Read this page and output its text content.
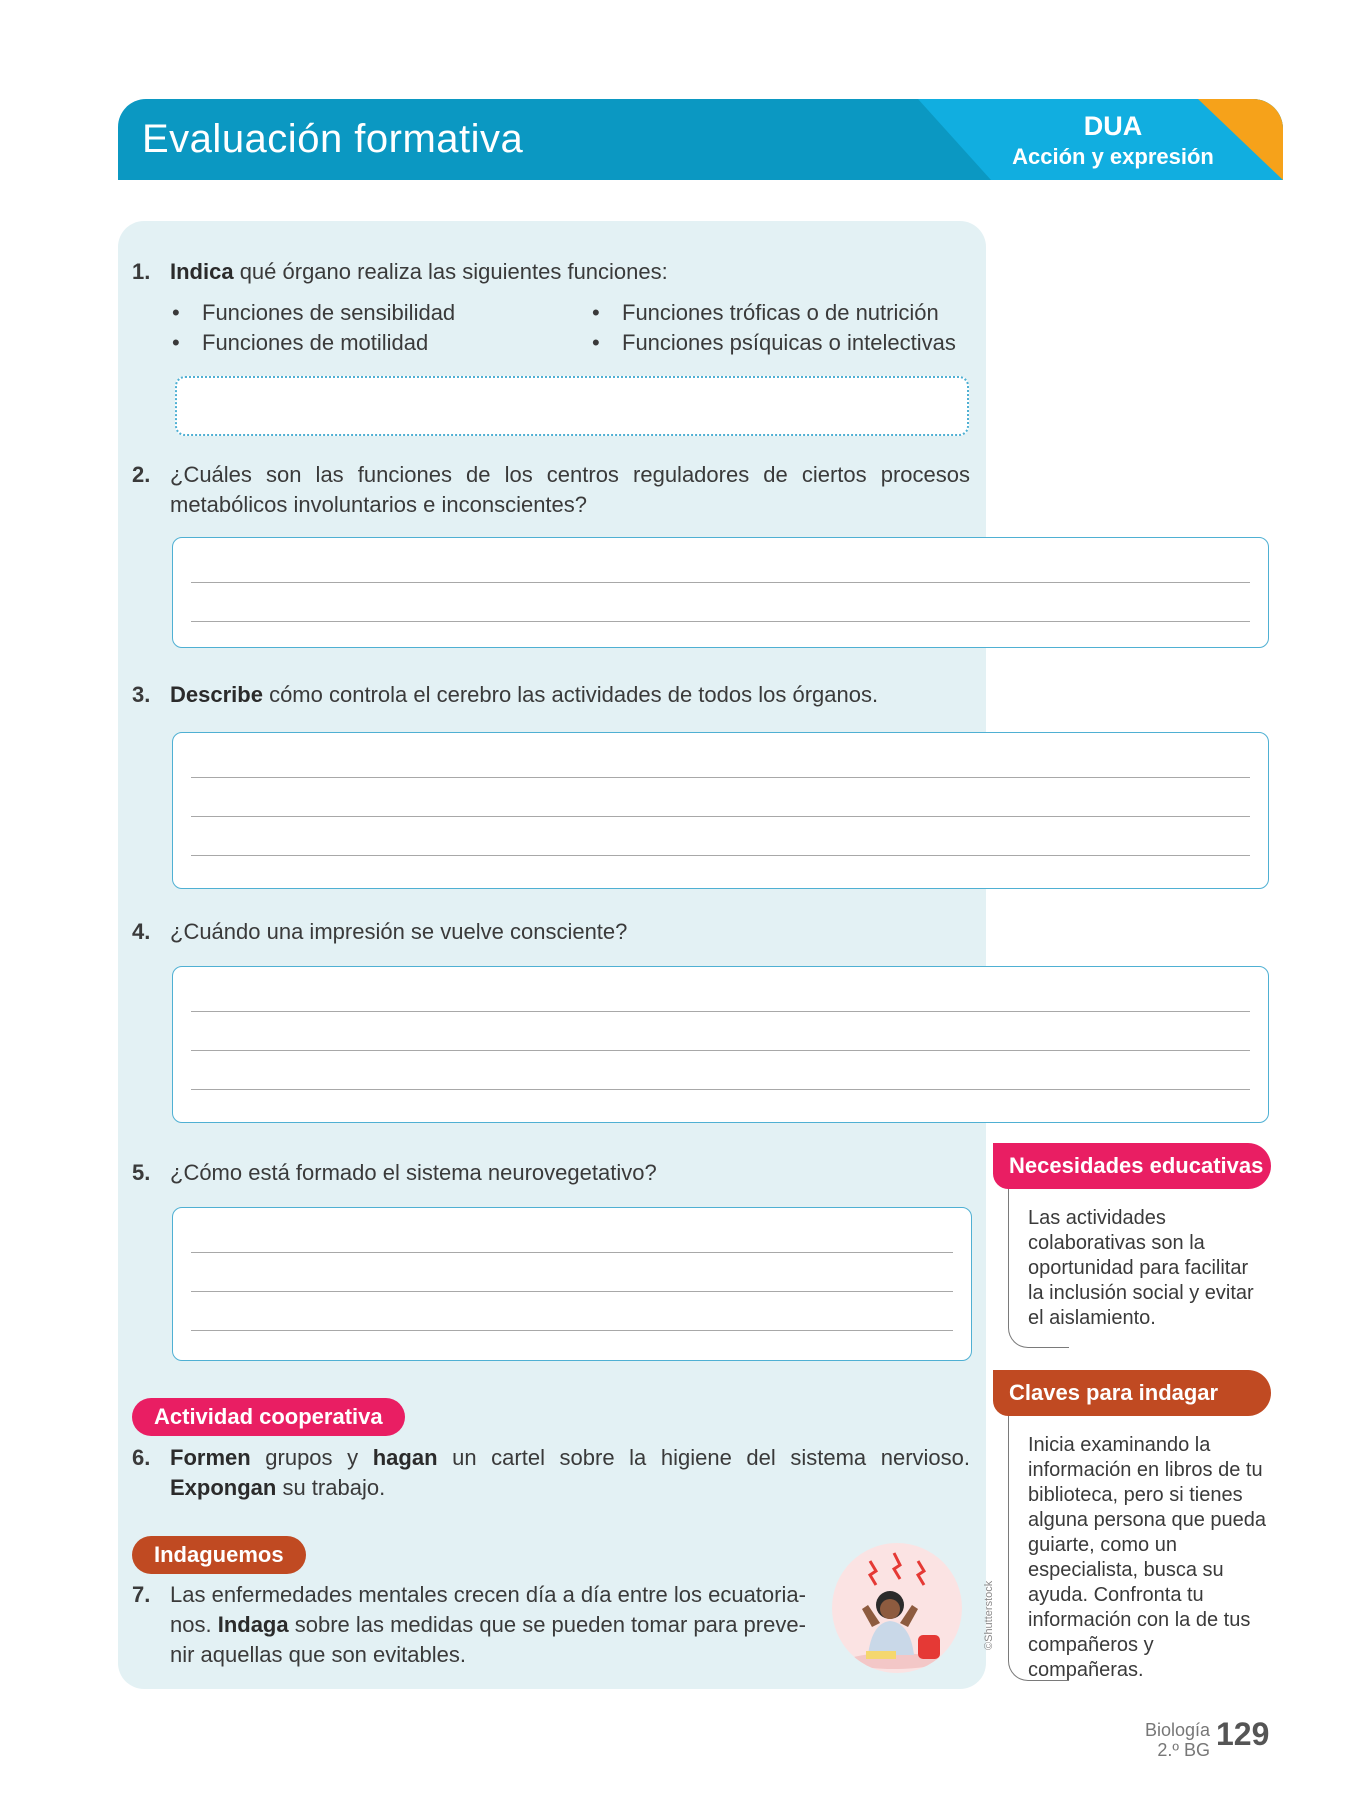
Evaluación formativa	DUA
Acción y expresión
1. Indica qué órgano realiza las siguientes funciones:
• Funciones de sensibilidad
• Funciones de motilidad
• Funciones tróficas o de nutrición
• Funciones psíquicas o intelectivas
2. ¿Cuáles son las funciones de los centros reguladores de ciertos procesos metabólicos involuntarios e inconscientes?
3. Describe cómo controla el cerebro las actividades de todos los órganos.
4. ¿Cuándo una impresión se vuelve consciente?
5. ¿Cómo está formado el sistema neurovegetativo?
Actividad cooperativa
6. Formen grupos y hagan un cartel sobre la higiene del sistema nervioso. Expongan su trabajo.
Indaguemos
7. Las enfermedades mentales crecen día a día entre los ecuatoria-nos. Indaga sobre las medidas que se pueden tomar para preve-nir aquellas que son evitables.
©Shutterstock
Necesidades educativas
Las actividades colaborativas son la oportunidad para facilitar la inclusión social y evitar el aislamiento.
Claves para indagar
Inicia examinando la información en libros de tu biblioteca, pero si tienes alguna persona que pueda guiarte, como un especialista, busca su ayuda. Confronta tu información con la de tus compañeros y compañeras.
Biología
2.º BG 129
